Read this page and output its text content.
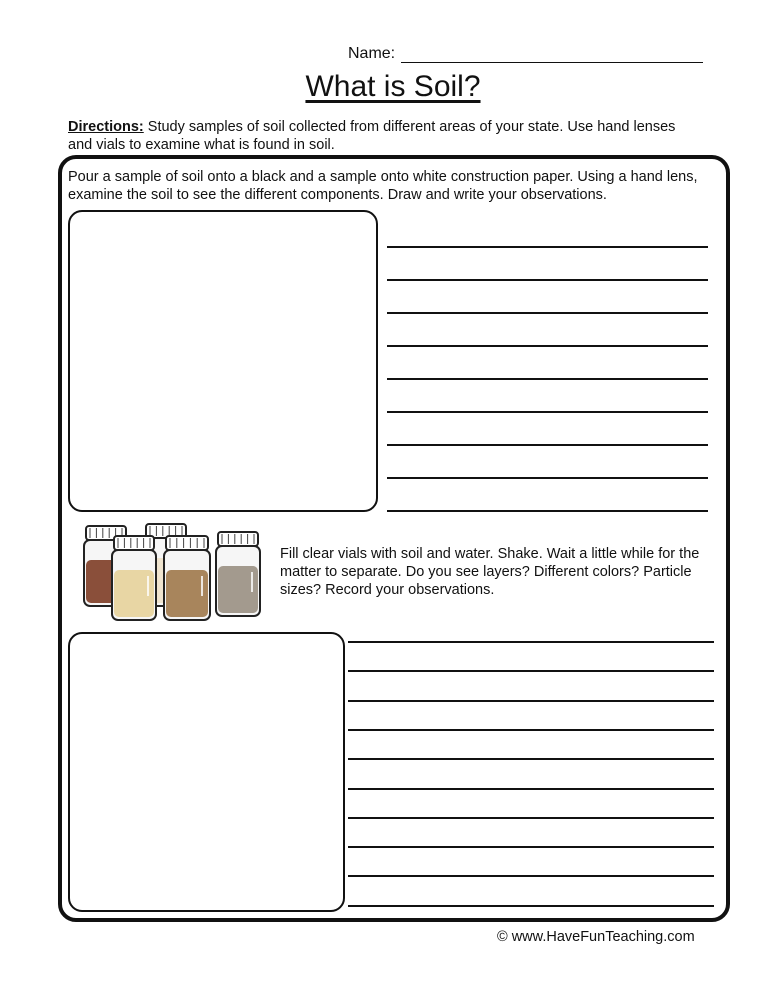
Name:
What is Soil?
Directions: Study samples of soil collected from different areas of your state. Use hand lenses and vials to examine what is found in soil.
Pour a sample of soil onto a black and a sample onto white construction paper. Using a hand lens, examine the soil to see the different components. Draw and write your observations.
Fill clear vials with soil and water. Shake. Wait a little while for the matter to separate. Do you see layers? Different colors? Particle sizes? Record your observations.
© www.HaveFunTeaching.com
